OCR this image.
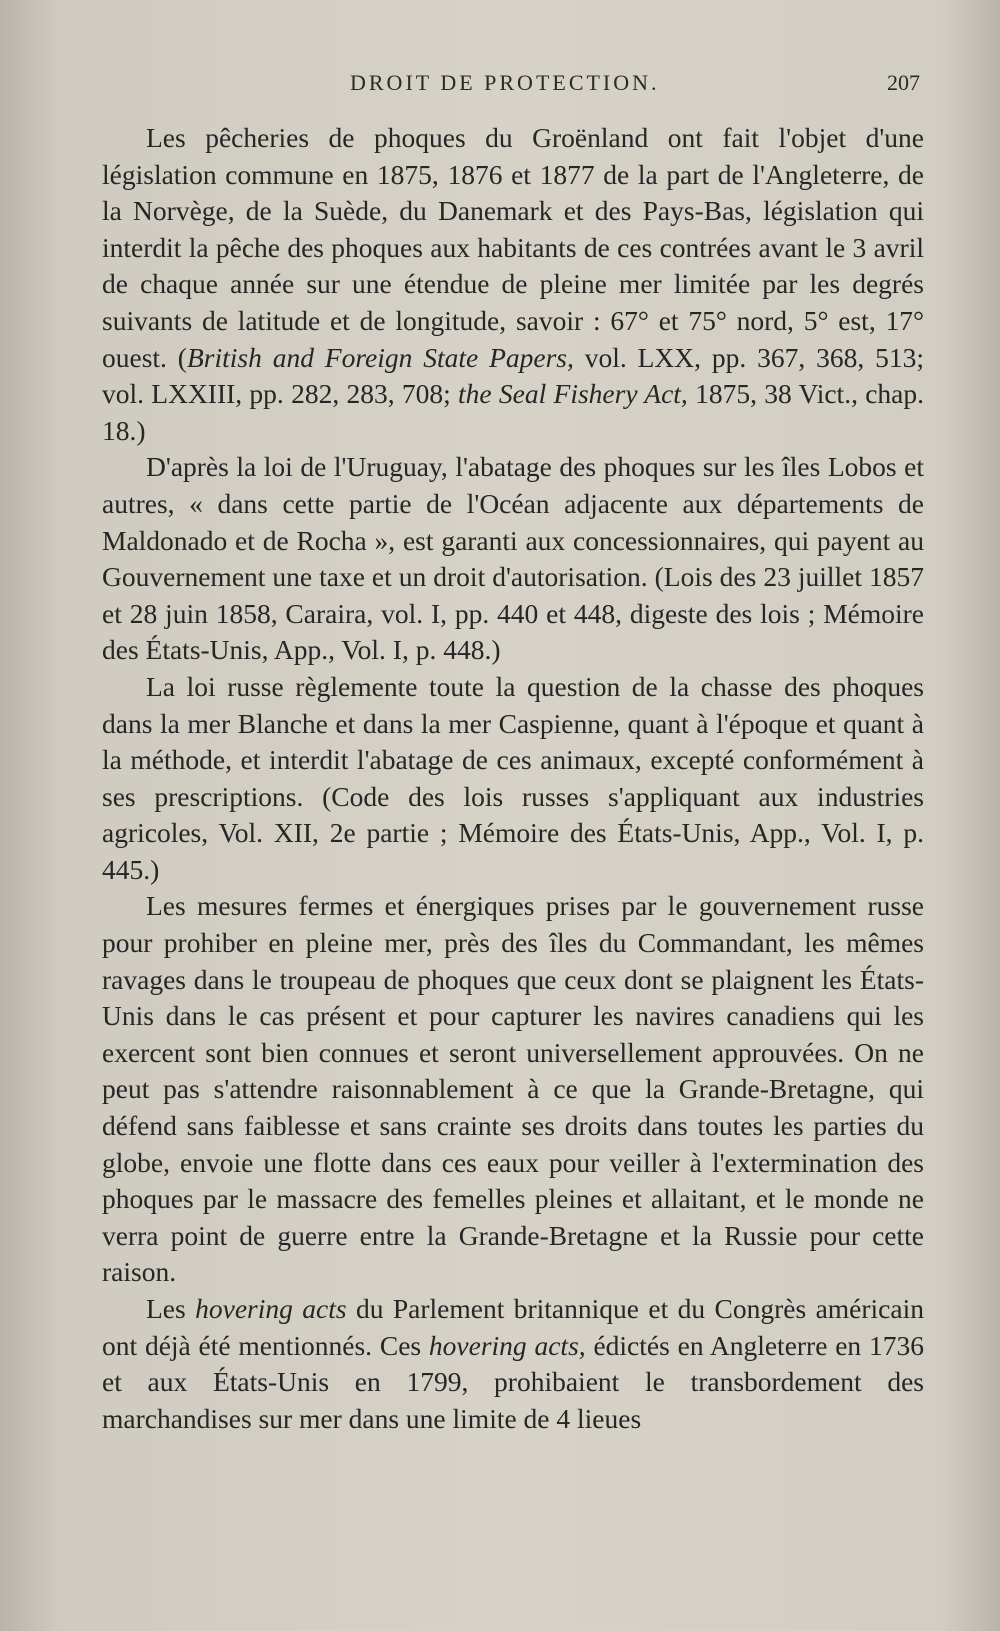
DROIT DE PROTECTION.	207

Les pêcheries de phoques du Groënland ont fait l'objet d'une législation commune en 1875, 1876 et 1877 de la part de l'Angleterre, de la Norvège, de la Suède, du Danemark et des Pays-Bas, législation qui interdit la pêche des phoques aux habitants de ces contrées avant le 3 avril de chaque année sur une étendue de pleine mer limitée par les degrés suivants de latitude et de longitude, savoir : 67° et 75° nord, 5° est, 17° ouest. (British and Foreign State Papers, vol. LXX, pp. 367, 368, 513; vol. LXXIII, pp. 282, 283, 708; the Seal Fishery Act, 1875, 38 Vict., chap. 18.)

D'après la loi de l'Uruguay, l'abatage des phoques sur les îles Lobos et autres, « dans cette partie de l'Océan adjacente aux départements de Maldonado et de Rocha », est garanti aux concessionnaires, qui payent au Gouvernement une taxe et un droit d'autorisation. (Lois des 23 juillet 1857 et 28 juin 1858, Caraira, vol. I, pp. 440 et 448, digeste des lois ; Mémoire des États-Unis, App., Vol. I, p. 448.)

La loi russe règlemente toute la question de la chasse des phoques dans la mer Blanche et dans la mer Caspienne, quant à l'époque et quant à la méthode, et interdit l'abatage de ces animaux, excepté conformément à ses prescriptions. (Code des lois russes s'appliquant aux industries agricoles, Vol. XII, 2e partie ; Mémoire des États-Unis, App., Vol. I, p. 445.)

Les mesures fermes et énergiques prises par le gouvernement russe pour prohiber en pleine mer, près des îles du Commandant, les mêmes ravages dans le troupeau de phoques que ceux dont se plaignent les États-Unis dans le cas présent et pour capturer les navires canadiens qui les exercent sont bien connues et seront universellement approuvées. On ne peut pas s'attendre raisonnablement à ce que la Grande-Bretagne, qui défend sans faiblesse et sans crainte ses droits dans toutes les parties du globe, envoie une flotte dans ces eaux pour veiller à l'extermination des phoques par le massacre des femelles pleines et allaitant, et le monde ne verra point de guerre entre la Grande-Bretagne et la Russie pour cette raison.

Les hovering acts du Parlement britannique et du Congrès américain ont déjà été mentionnés. Ces hovering acts, édictés en Angleterre en 1736 et aux États-Unis en 1799, prohibaient le transbordement des marchandises sur mer dans une limite de 4 lieues
